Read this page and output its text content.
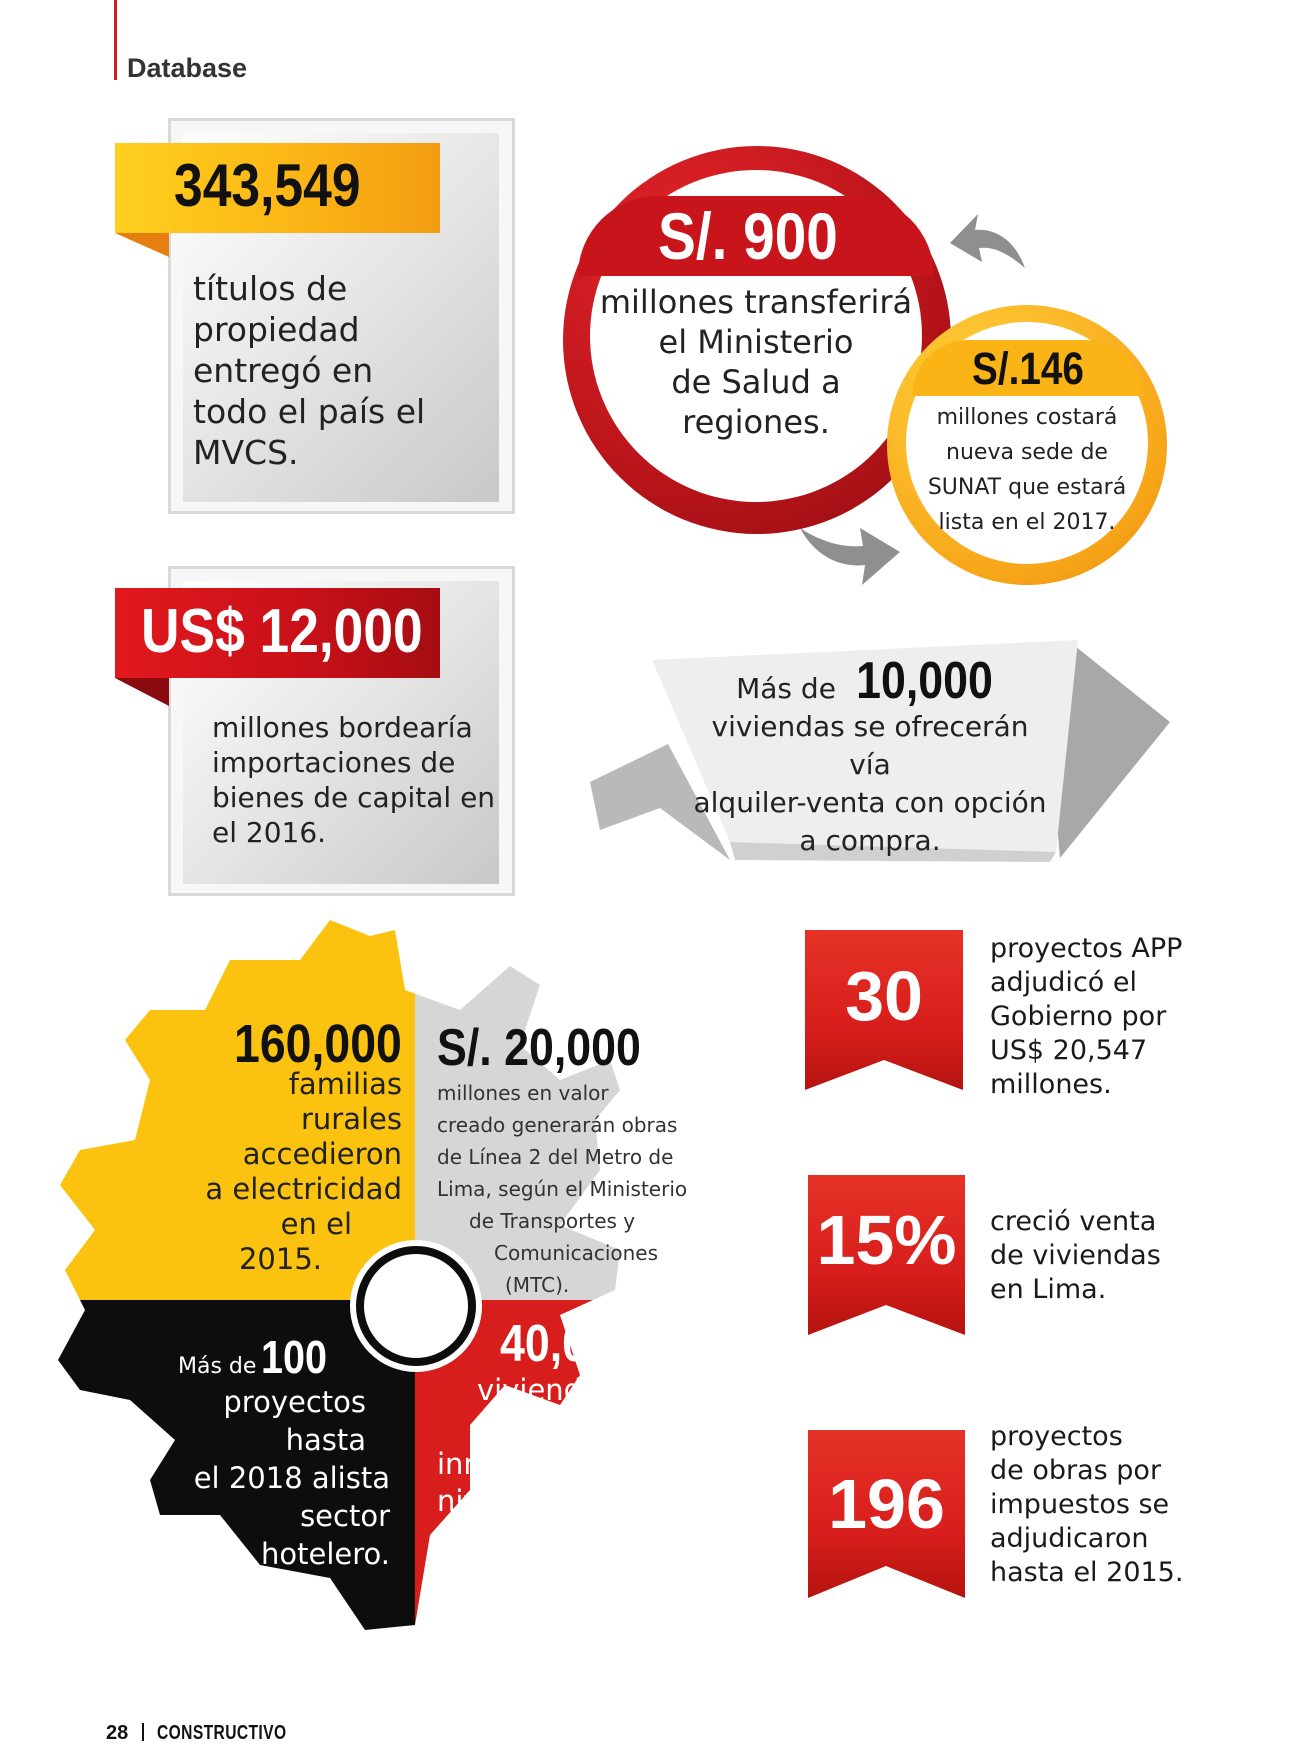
Database
343,549
títulos de
propiedad
entregó en
todo el país el
MVCS.
US$ 12,000
millones bordearía
importaciones de
bienes de capital en
el 2016.
S/. 900
millones transferirá
el Ministerio
de Salud a
regiones.
S/.146
millones costará
nueva sede de
SUNAT que estará
lista en el 2017.
Más de 10,000
viviendas se ofrecerán vía
alquiler-venta con opción
a compra.
160,000
familias
rurales
accedieron
a electricidad
en el
2015.
S/. 20,000
millones en valor
creado generarán obras
de Línea 2 del Metro de
Lima, según el Ministerio
de Transportes y
Comunicaciones
(MTC).
Más de 100
proyectos hasta
el 2018 alista
sector
hotelero.
40,000
viviendas venderán
inmobiliarias a
nivel nacional
durante el
presente año.
30
proyectos APP
adjudicó el
Gobierno por
US$ 20,547
millones.
15%	creció venta
de viviendas
en Lima.
196
proyectos
de obras por
impuestos se
adjudicaron
hasta el 2015.
28 CONSTRUCTIVO
